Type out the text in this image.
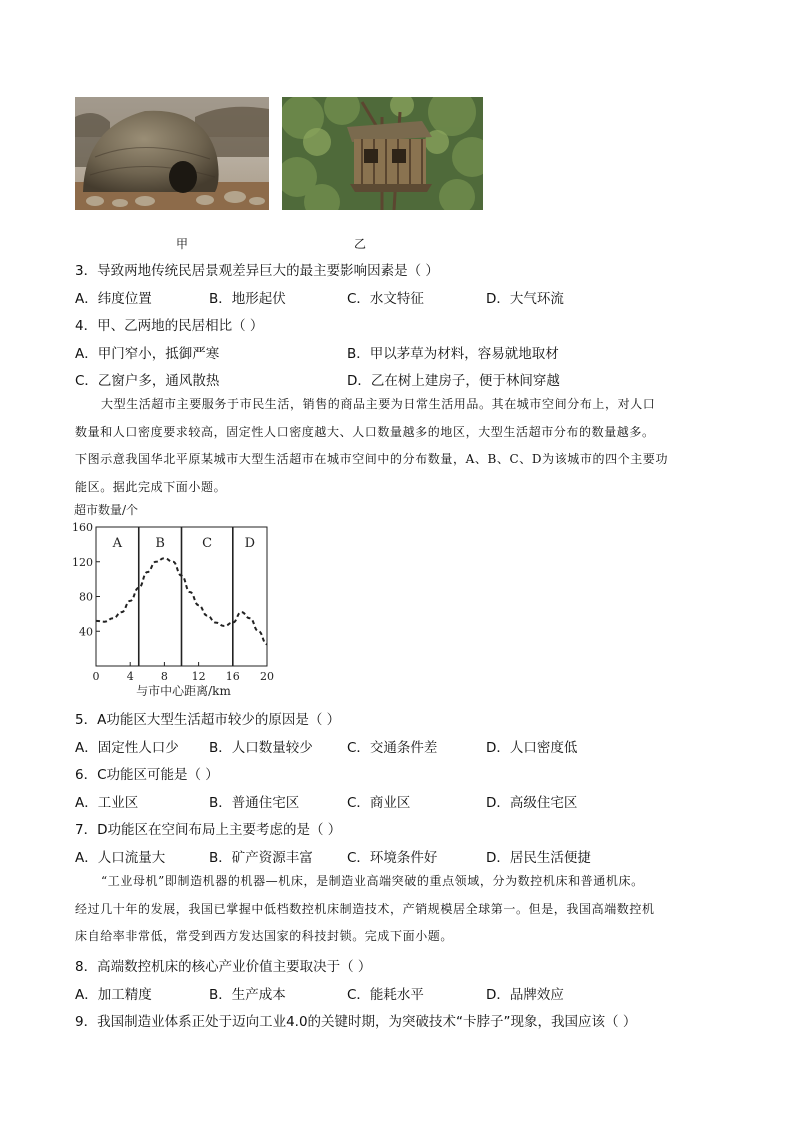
甲	乙
3．导致两地传统民居景观差异巨大的最主要影响因素是（ ）
A．纬度位置	B．地形起伏	C．水文特征	D．大气环流
4．甲、乙两地的民居相比（ ）
A．甲门窄小，抵御严寒	B．甲以茅草为材料，容易就地取材
C．乙窗户多，通风散热	D．乙在树上建房子，便于林间穿越
大型生活超市主要服务于市民生活，销售的商品主要为日常生活用品。其在城市空间分布上，对人口
数量和人口密度要求较高，固定性人口密度越大、人口数量越多的地区，大型生活超市分布的数量越多。
下图示意我国华北平原某城市大型生活超市在城市空间中的分布数量，A、B、C、D为该城市的四个主要功
能区。据此完成下面小题。
超市数量/个
A	B	C	D
40
80
120
160
0 4 8 12 16 20
与市中心距离/km
5．A功能区大型生活超市较少的原因是（ ）
A．固定性人口少 B．人口数量较少	C．交通条件差	D．人口密度低
6．C功能区可能是（ ）
A．工业区	B．普通住宅区	C．商业区	D．高级住宅区
7．D功能区在空间布局上主要考虑的是（ ）
A．人口流量大	B．矿产资源丰富	C．环境条件好	D．居民生活便捷
“工业母机”即制造机器的机器—机床，是制造业高端突破的重点领域，分为数控机床和普通机床。
经过几十年的发展，我国已掌握中低档数控机床制造技术，产销规模居全球第一。但是，我国高端数控机
床自给率非常低，常受到西方发达国家的科技封锁。完成下面小题。
8．高端数控机床的核心产业价值主要取决于（ ）
A．加工精度	B．生产成本	C．能耗水平	D．品牌效应
9．我国制造业体系正处于迈向工业4.0的关键时期，为突破技术“卡脖子”现象，我国应该（ ）
